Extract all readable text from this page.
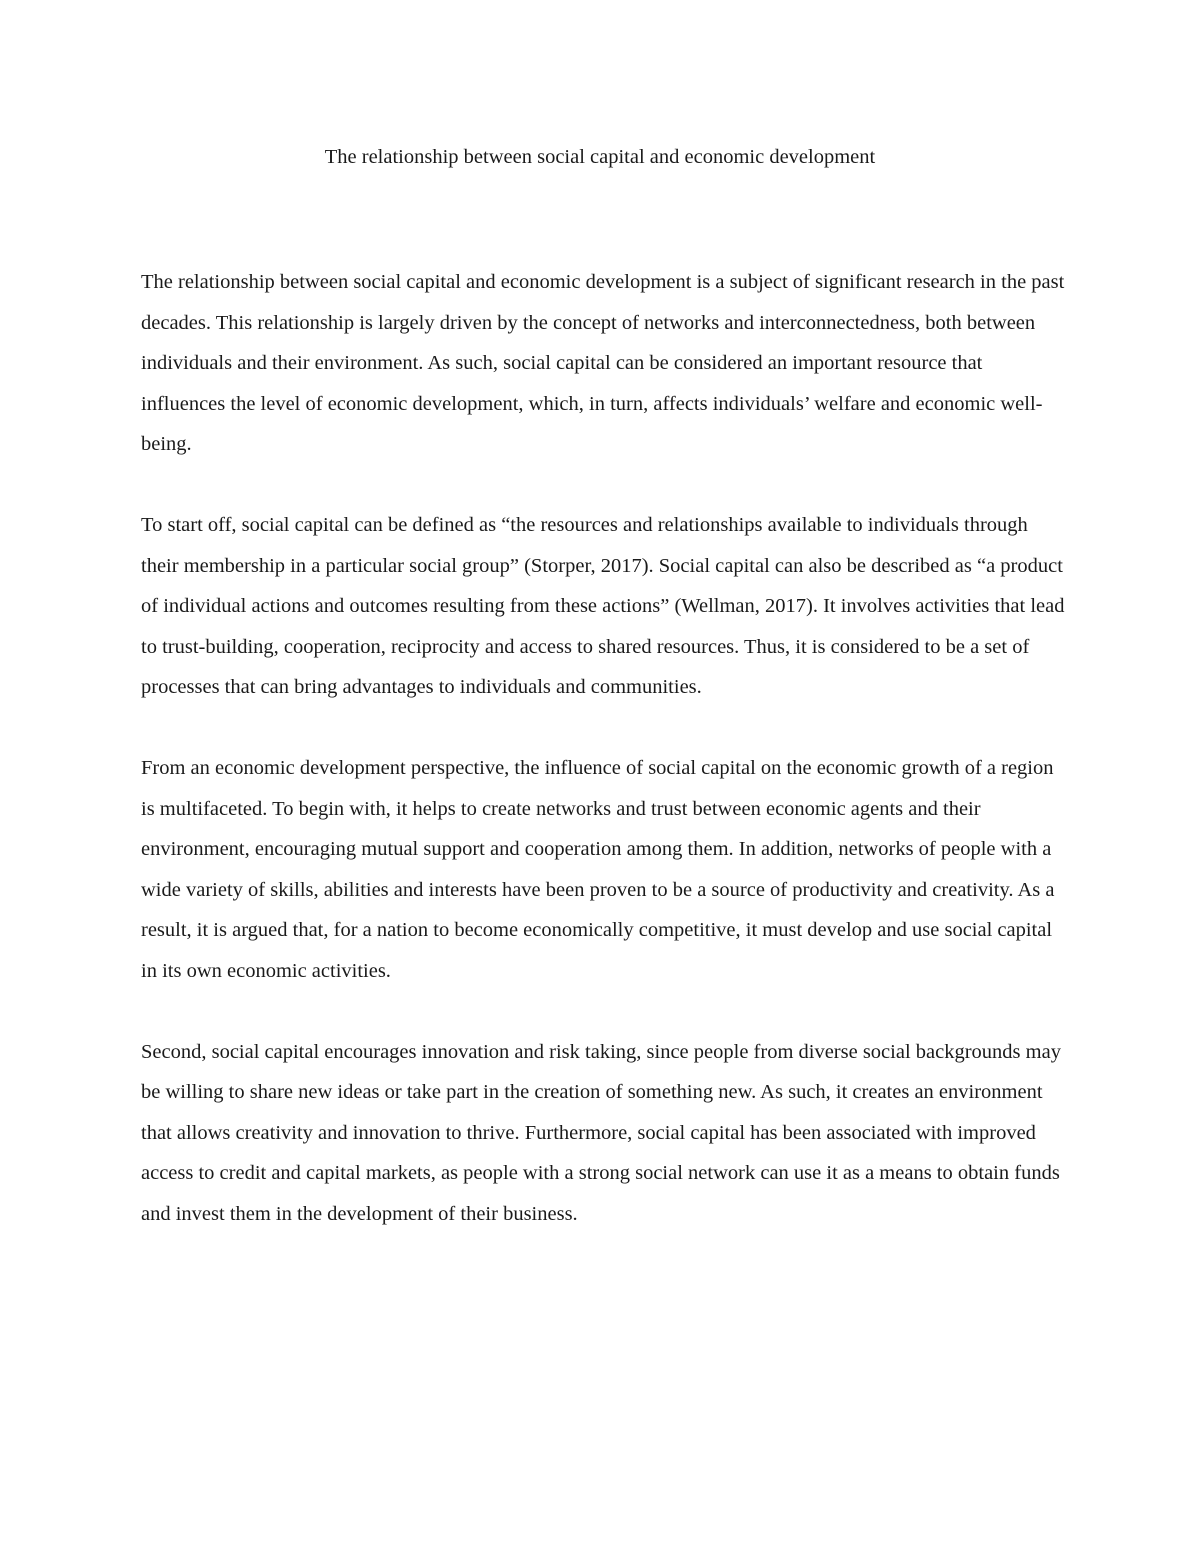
The relationship between social capital and economic development

The relationship between social capital and economic development is a subject of significant research in the past decades. This relationship is largely driven by the concept of networks and interconnectedness, both between individuals and their environment. As such, social capital can be considered an important resource that influences the level of economic development, which, in turn, affects individuals’ welfare and economic well-being.

To start off, social capital can be defined as “the resources and relationships available to individuals through their membership in a particular social group” (Storper, 2017). Social capital can also be described as “a product of individual actions and outcomes resulting from these actions” (Wellman, 2017). It involves activities that lead to trust-building, cooperation, reciprocity and access to shared resources. Thus, it is considered to be a set of processes that can bring advantages to individuals and communities.

From an economic development perspective, the influence of social capital on the economic growth of a region is multifaceted. To begin with, it helps to create networks and trust between economic agents and their environment, encouraging mutual support and cooperation among them. In addition, networks of people with a wide variety of skills, abilities and interests have been proven to be a source of productivity and creativity. As a result, it is argued that, for a nation to become economically competitive, it must develop and use social capital in its own economic activities.

Second, social capital encourages innovation and risk taking, since people from diverse social backgrounds may be willing to share new ideas or take part in the creation of something new. As such, it creates an environment that allows creativity and innovation to thrive. Furthermore, social capital has been associated with improved access to credit and capital markets, as people with a strong social network can use it as a means to obtain funds and invest them in the development of their business.
